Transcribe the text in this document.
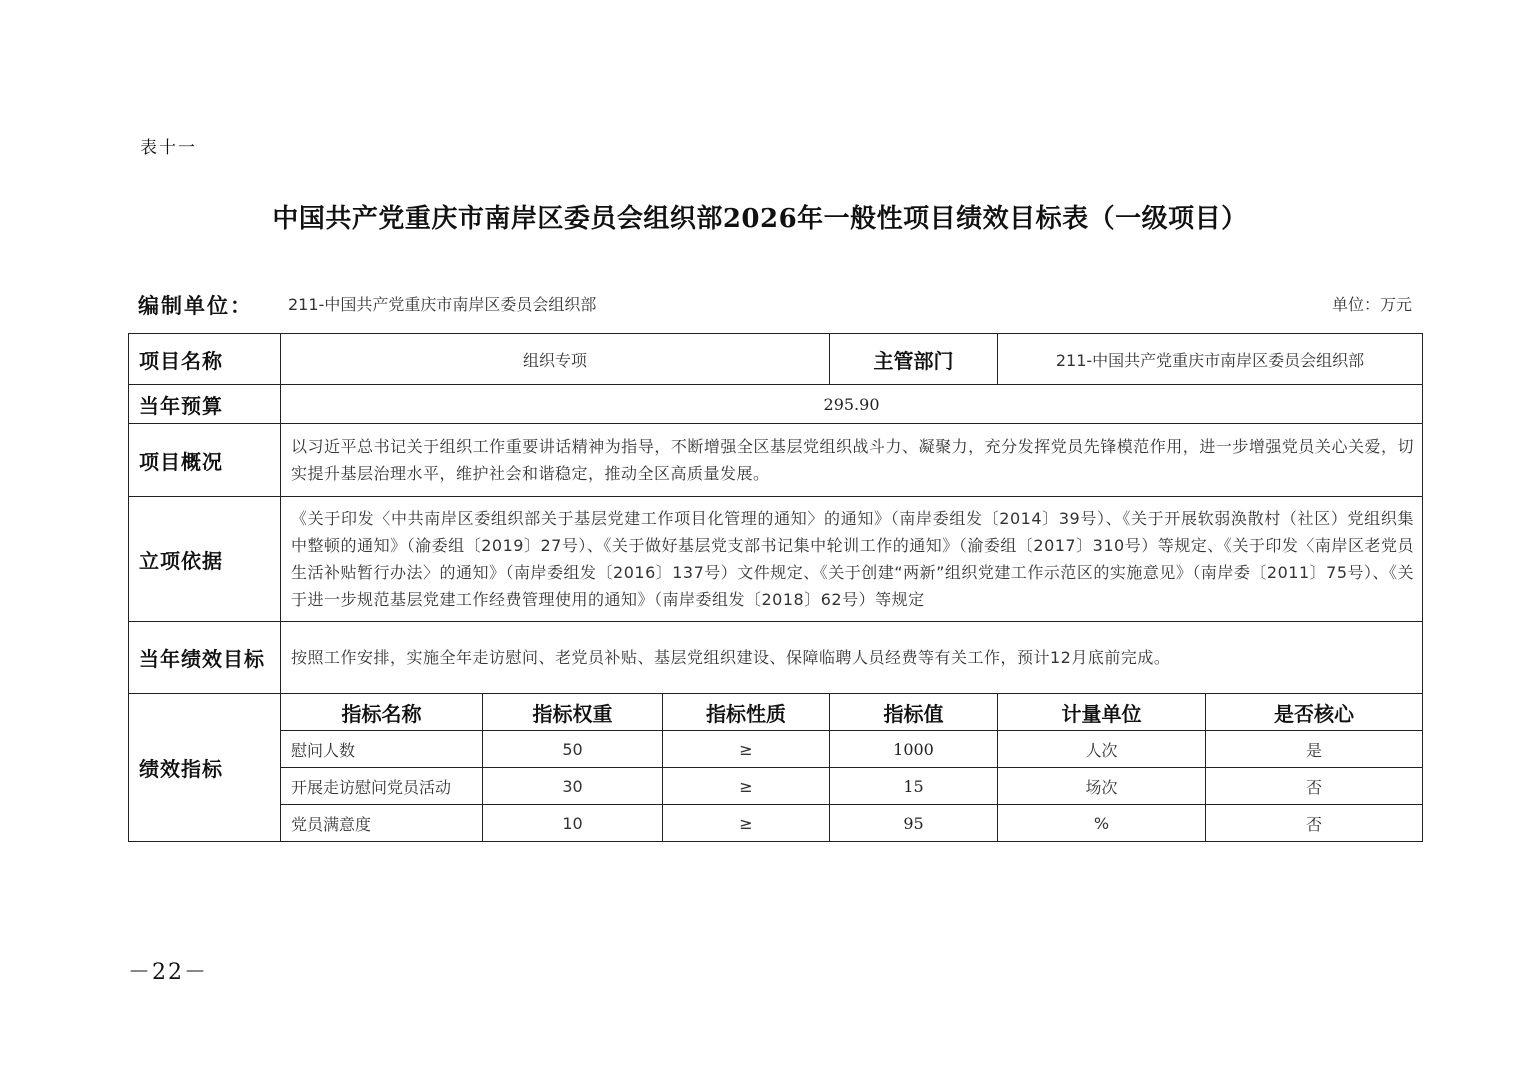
表十一
中国共产党重庆市南岸区委员会组织部2026年一般性项目绩效目标表（一级项目）
编制单位： 211-中国共产党重庆市南岸区委员会组织部	单位：万元
项目名称	组织专项			主管部门	211-中国共产党重庆市南岸区委员会组织部	
当年预算	295.90					
项目概况	以习近平总书记关于组织工作重要讲话精神为指导，不断增强全区基层党组织战斗力、凝聚力，充分发挥党员先锋模范作用，进一步增强党员关心关爱，切实提升基层治理水平，维护社会和谐稳定，推动全区高质量发展。					
立项依据	《关于印发〈中共南岸区委组织部关于基层党建工作项目化管理的通知〉的通知》（南岸委组发〔2014〕39号）、《关于开展软弱涣散村（社区）党组织集中整顿的通知》（渝委组〔2019〕27号）、《关于做好基层党支部书记集中轮训工作的通知》（渝委组〔2017〕310号）等规定、《关于印发〈南岸区老党员生活补贴暂行办法〉的通知》（南岸委组发〔2016〕137号）文件规定、《关于创建“两新”组织党建工作示范区的实施意见》（南岸委〔2011〕75号）、《关于进一步规范基层党建工作经费管理使用的通知》（南岸委组发〔2018〕62号）等规定					
当年绩效目标	按照工作安排，实施全年走访慰问、老党员补贴、基层党组织建设、保障临聘人员经费等有关工作，预计12月底前完成。					
绩效指标	指标名称	指标权重	指标性质	指标值	计量单位	是否核心
	慰问人数	50	≥	1000	人次	是
	开展走访慰问党员活动	30	≥	15	场次	否
	党员满意度	10	≥	95	%	否
－22－
